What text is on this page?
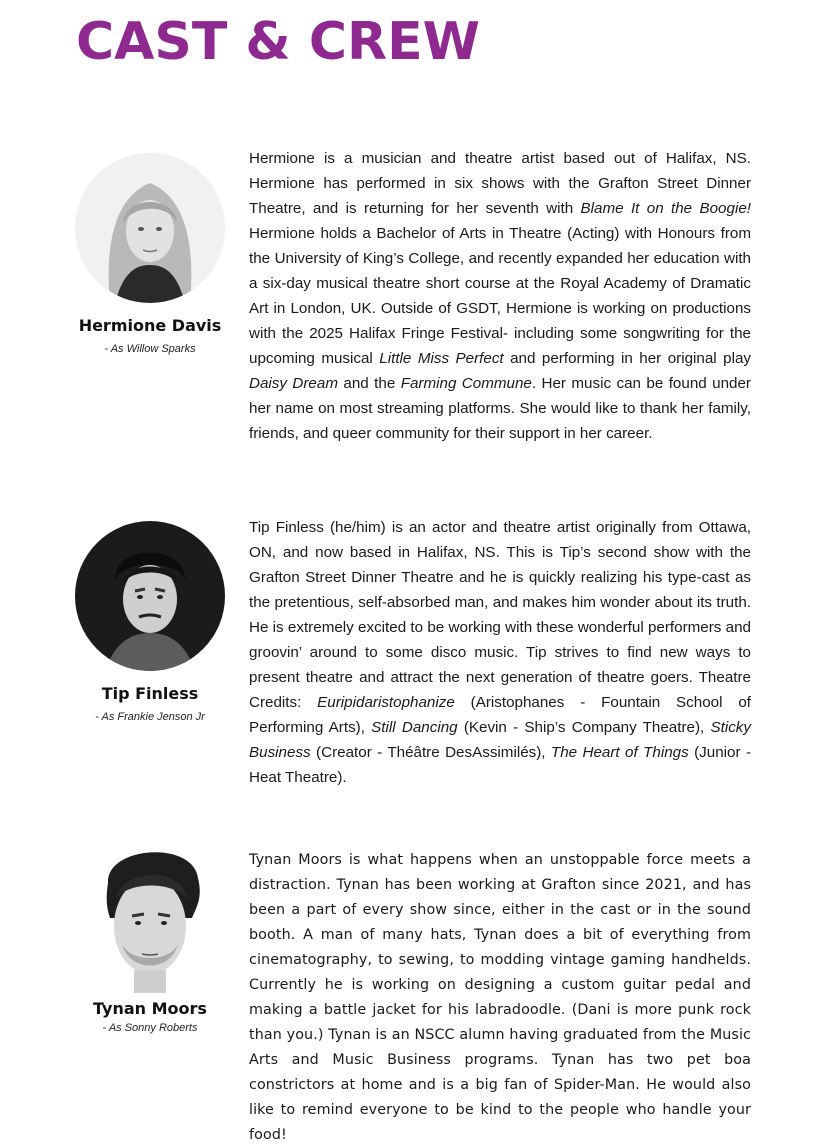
CAST & CREW
Hermione Davis

- As Willow Sparks

Hermione is a musician and theatre artist based out of Halifax, NS. Hermione has performed in six shows with the Grafton Street Dinner Theatre, and is returning for her seventh with Blame It on the Boogie! Hermione holds a Bachelor of Arts in Theatre (Acting) with Honours from the University of King’s College, and recently expanded her education with a six-day musical theatre short course at the Royal Academy of Dramatic Art in London, UK. Outside of GSDT, Hermione is working on productions with the 2025 Halifax Fringe Festival- including some songwriting for the upcoming musical Little Miss Perfect and performing in her original play Daisy Dream and the Farming Commune. Her music can be found under her name on most streaming platforms. She would like to thank her family, friends, and queer community for their support in her career.

Tip Finless

- As Frankie Jenson Jr

Tip Finless (he/him) is an actor and theatre artist originally from Ottawa, ON, and now based in Halifax, NS. This is Tip’s second show with the Grafton Street Dinner Theatre and he is quickly realizing his type-cast as the pretentious, self-absorbed man, and makes him wonder about its truth. He is extremely excited to be working with these wonderful performers and groovin’ around to some disco music. Tip strives to find new ways to present theatre and attract the next generation of theatre goers. Theatre Credits: Euripidaristophanize (Aristophanes - Fountain School of Performing Arts), Still Dancing (Kevin - Ship’s Company Theatre), Sticky Business (Creator - Théâtre DesAssimilés), The Heart of Things (Junior - Heat Theatre).

Tynan Moors

- As Sonny Roberts

Tynan Moors is what happens when an unstoppable force meets a distraction. Tynan has been working at Grafton since 2021, and has been a part of every show since, either in the cast or in the sound booth. A man of many hats, Tynan does a bit of everything from cinematography, to sewing, to modding vintage gaming handhelds. Currently he is working on designing a custom guitar pedal and making a battle jacket for his labradoodle. (Dani is more punk rock than you.) Tynan is an NSCC alumn having graduated from the Music Arts and Music Business programs. Tynan has two pet boa constrictors at home and is a big fan of Spider-Man. He would also like to remind everyone to be kind to the people who handle your food!
